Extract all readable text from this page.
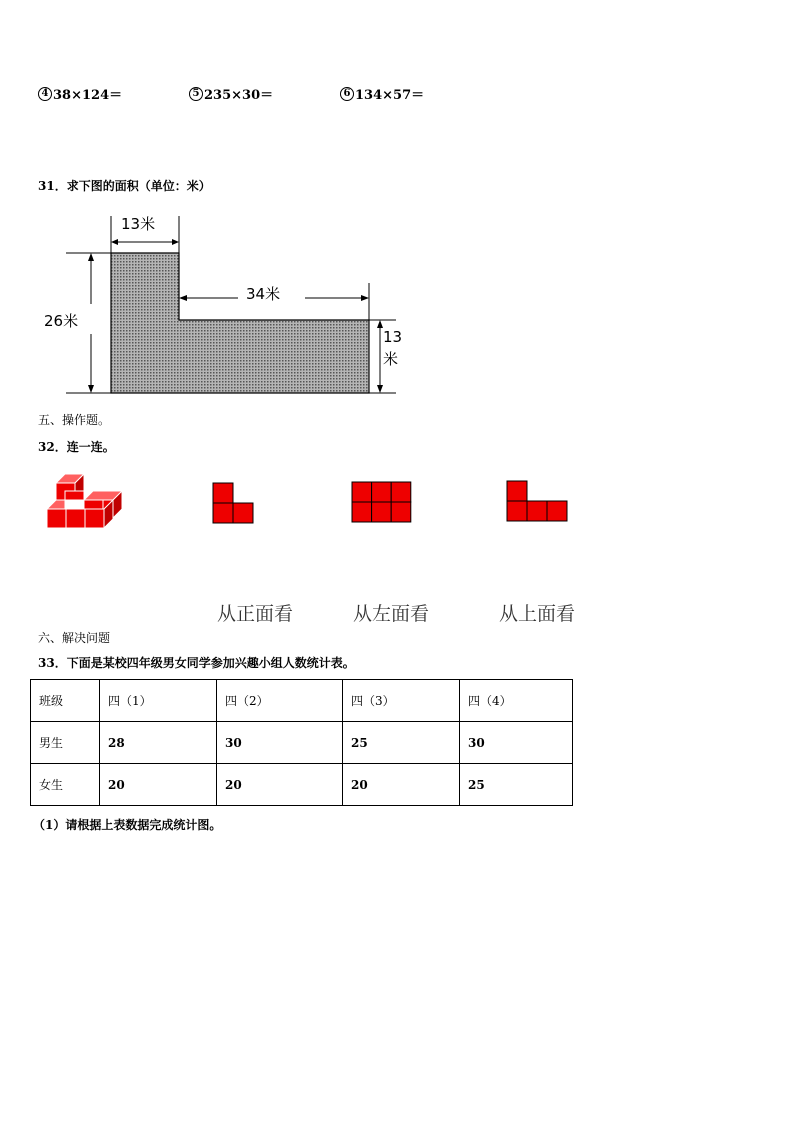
4 38×124＝	5 235×30＝	6 134×57＝
31．求下图的面积（单位：米）
13米
34米
26米
13
米
五、操作题。
32．连一连。
从正面看	从左面看	从上面看
六、解决问题
33．下面是某校四年级男女同学参加兴趣小组人数统计表。
班级	四（1）	四（2）	四（3）	四（4）
男生	28	30	25	30
女生	20	20	20	25
（1）请根据上表数据完成统计图。
